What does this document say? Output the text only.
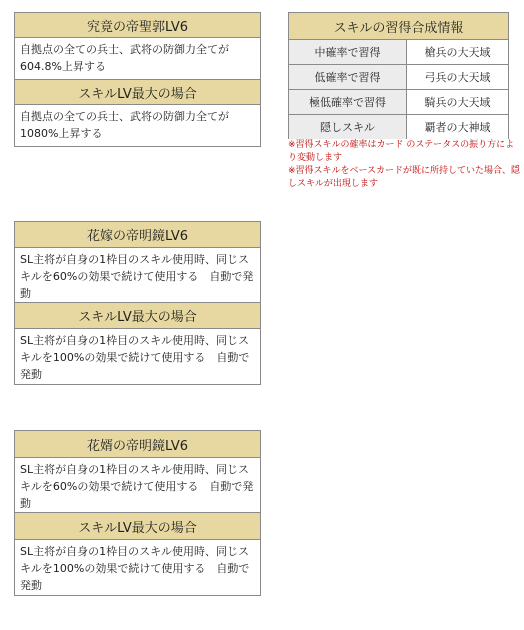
究竟の帝聖郭LV6
自拠点の全ての兵士、武将の防御力全てが604.8%上昇する
スキルLV最大の場合
自拠点の全ての兵士、武将の防御力全てが1080%上昇する
スキルの習得合成情報
中確率で習得	槍兵の大天域
低確率で習得	弓兵の大天域
極低確率で習得	騎兵の大天域
隠しスキル	覇者の大神域
※習得スキルの確率はカード のステータスの振り方により変動します
※習得スキルをベースカードが既に所持していた場合、隠しスキルが出現します
花嫁の帝明鏡LV6
SL主将が自身の1枠目のスキル使用時、同じスキルを60%の効果で続けて使用する　自動で発動
スキルLV最大の場合
SL主将が自身の1枠目のスキル使用時、同じスキルを100%の効果で続けて使用する　自動で発動
花婿の帝明鏡LV6
SL主将が自身の1枠目のスキル使用時、同じスキルを60%の効果で続けて使用する　自動で発動
スキルLV最大の場合
SL主将が自身の1枠目のスキル使用時、同じスキルを100%の効果で続けて使用する　自動で発動
